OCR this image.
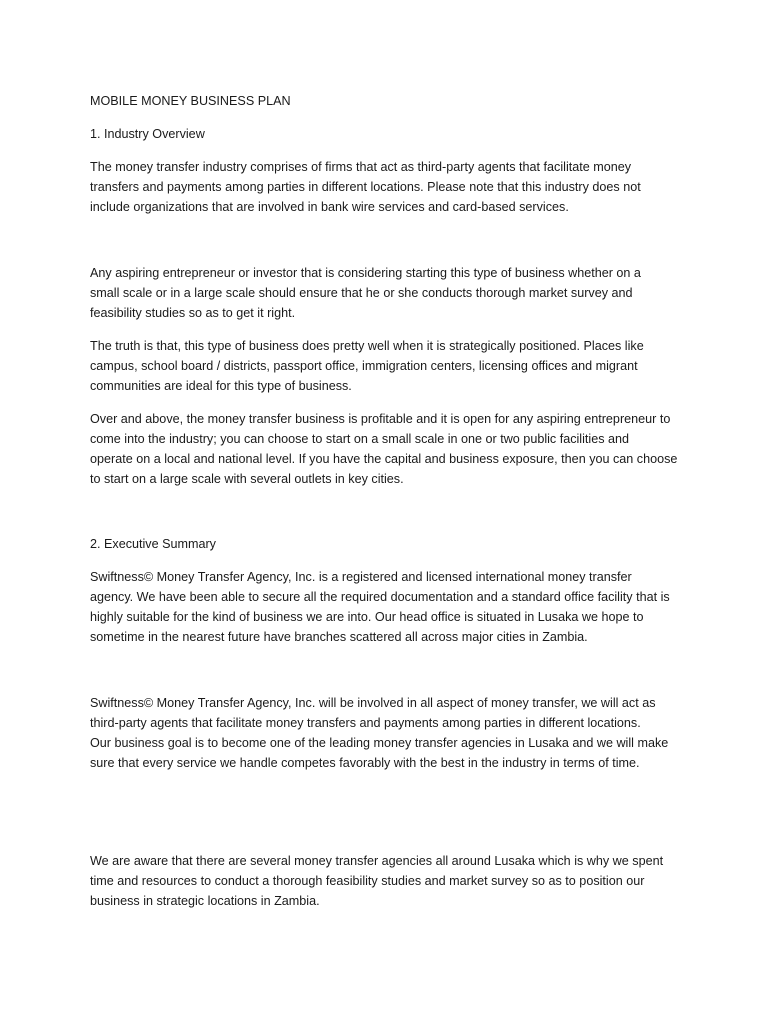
MOBILE MONEY BUSINESS PLAN

1. Industry Overview

The money transfer industry comprises of firms that act as third-party agents that facilitate money

transfers and payments among parties in different locations. Please note that this industry does not

include organizations that are involved in bank wire services and card-based services.

Any aspiring entrepreneur or investor that is considering starting this type of business whether on a

small scale or in a large scale should ensure that he or she conducts thorough market survey and

feasibility studies so as to get it right.

The truth is that, this type of business does pretty well when it is strategically positioned. Places like

campus, school board / districts, passport office, immigration centers, licensing offices and migrant

communities are ideal for this type of business.

Over and above, the money transfer business is profitable and it is open for any aspiring entrepreneur to

come into the industry; you can choose to start on a small scale in one or two public facilities and

operate on a local and national level. If you have the capital and business exposure, then you can choose

to start on a large scale with several outlets in key cities.

2. Executive Summary

Swiftness© Money Transfer Agency, Inc. is a registered and licensed international money transfer

agency. We have been able to secure all the required documentation and a standard office facility that is

highly suitable for the kind of business we are into. Our head office is situated in Lusaka we hope to

sometime in the nearest future have branches scattered all across major cities in Zambia.

Swiftness© Money Transfer Agency, Inc. will be involved in all aspect of money transfer, we will act as

third-party agents that facilitate money transfers and payments among parties in different locations.

Our business goal is to become one of the leading money transfer agencies in Lusaka and we will make

sure that every service we handle competes favorably with the best in the industry in terms of time.

We are aware that there are several money transfer agencies all around Lusaka which is why we spent

time and resources to conduct a thorough feasibility studies and market survey so as to position our

business in strategic locations in Zambia.
